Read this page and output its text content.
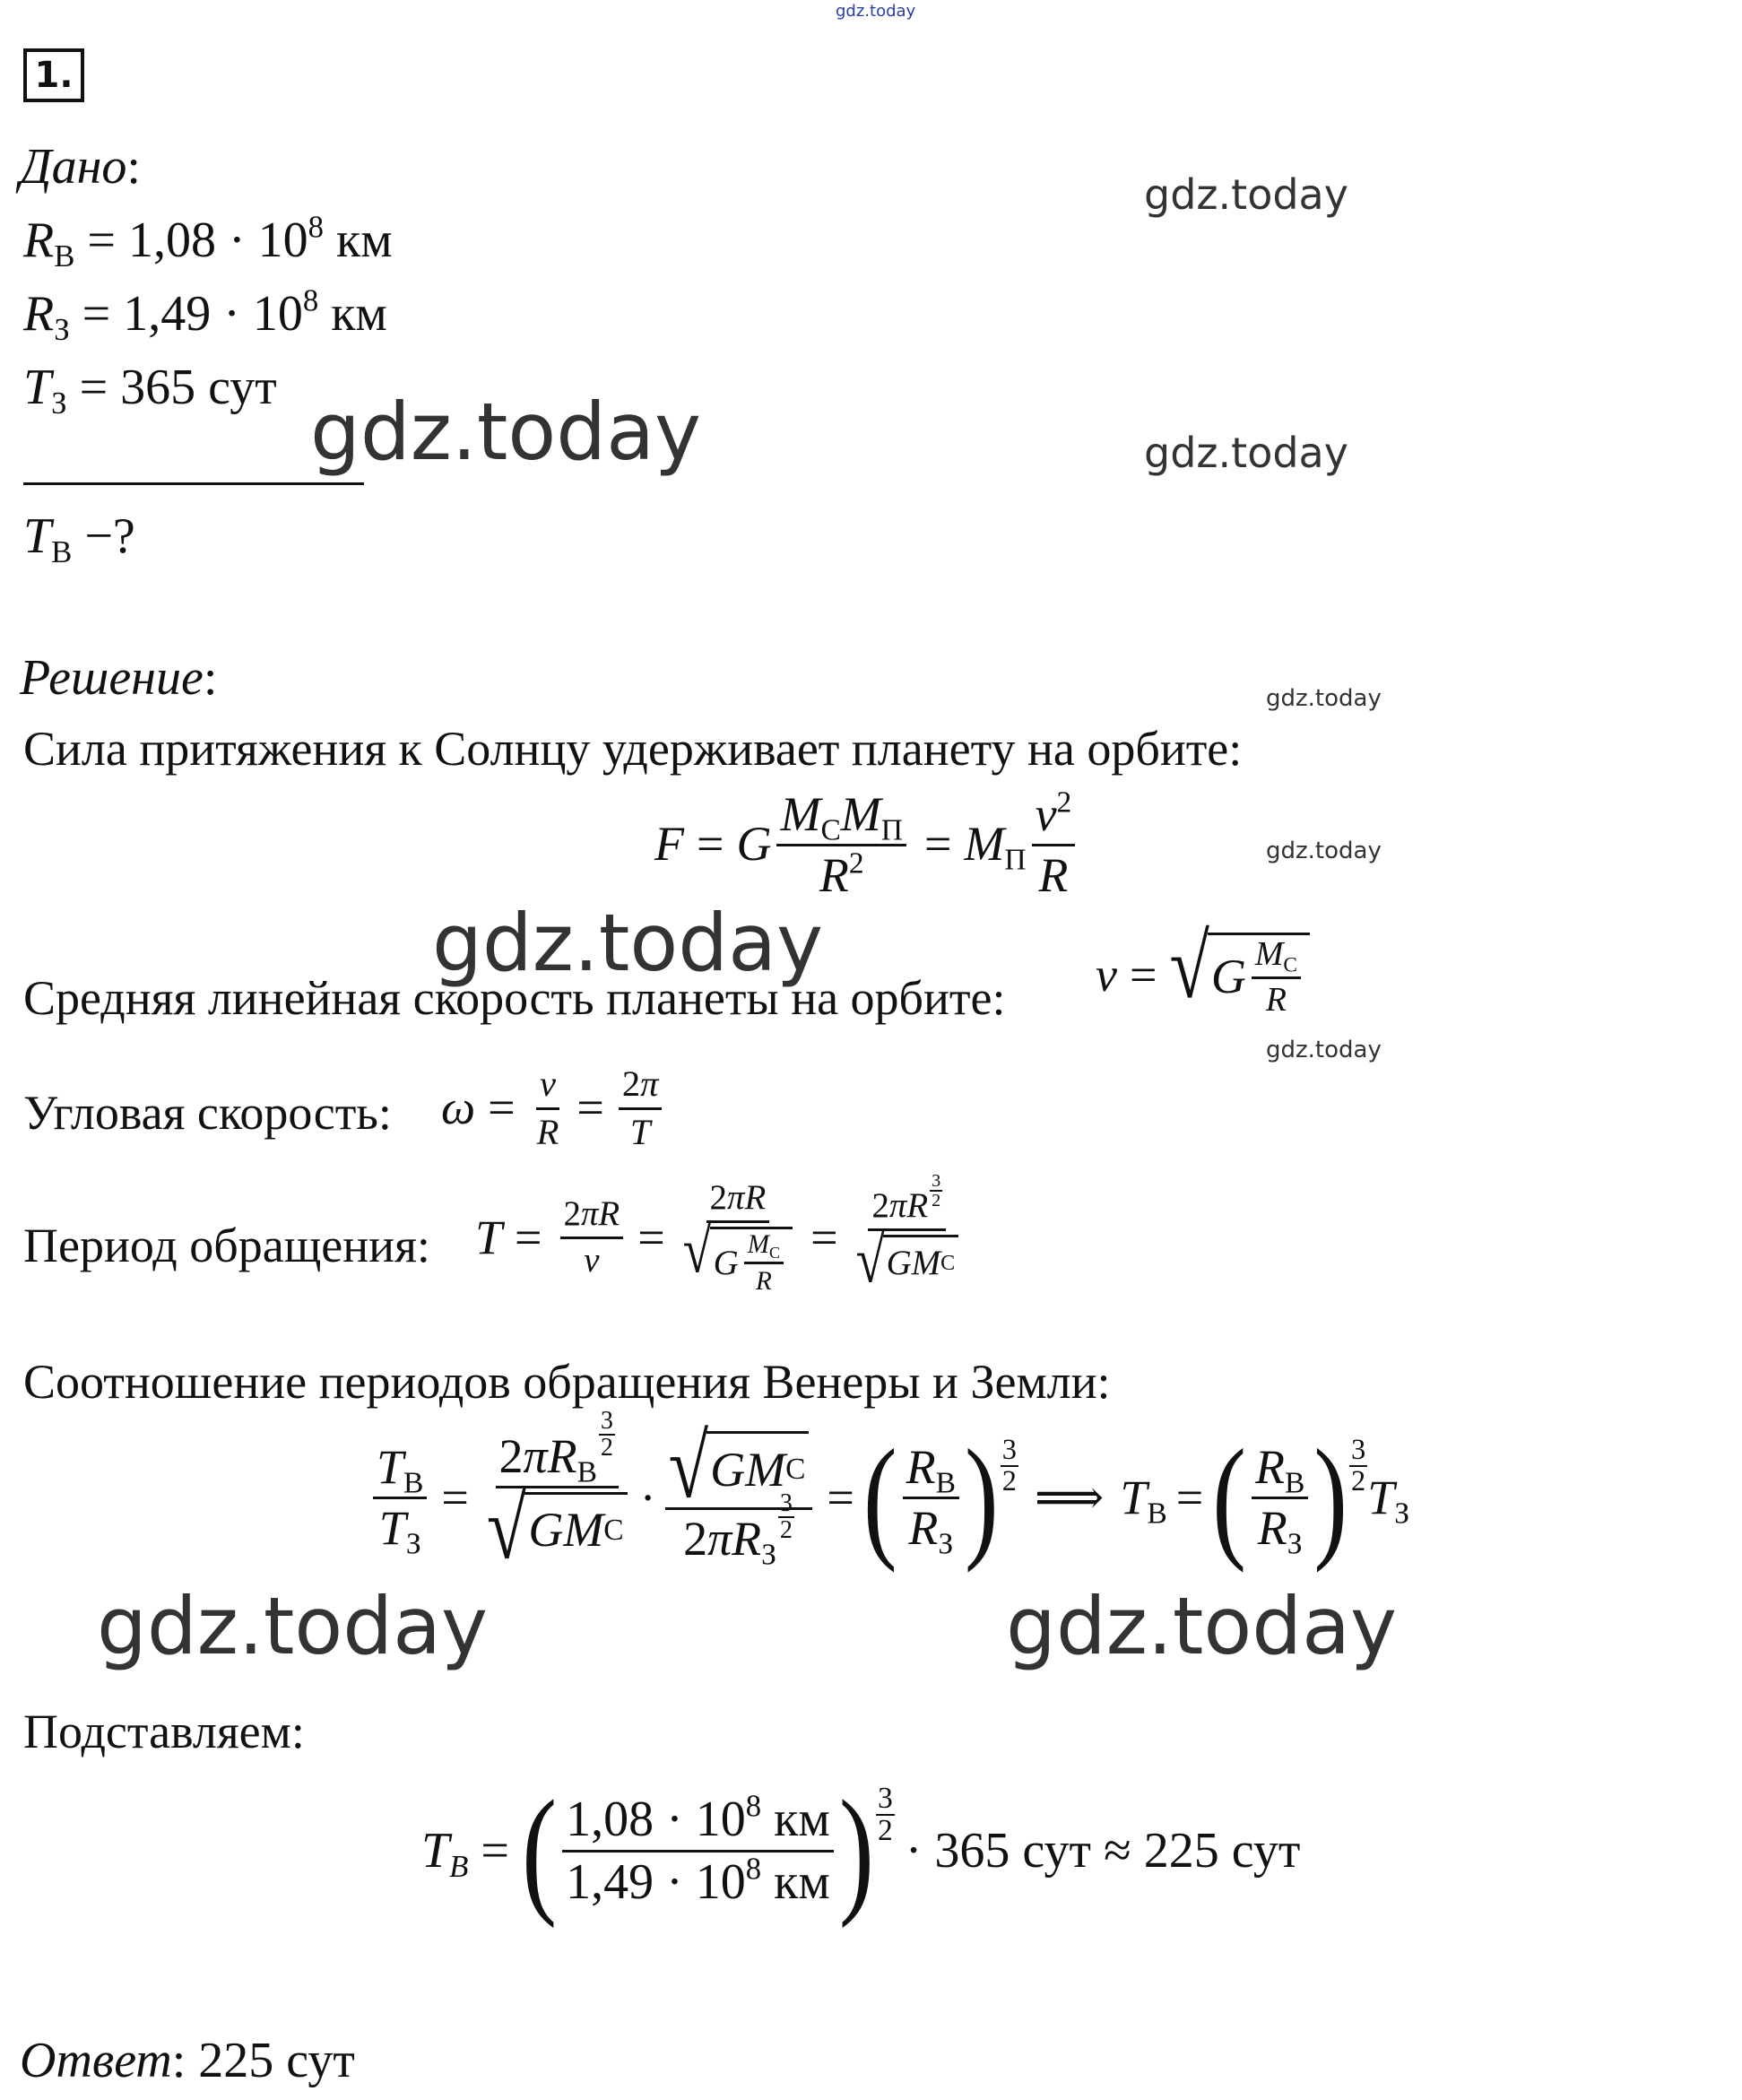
gdz.today
1.
Дано:
$R_В = 1,08 \cdot 10^8$ км
$R_З = 1,49 \cdot 10^8$ км
$T_З = 365$ сут
$T_В$ −?
Решение:
Сила притяжения к Солнцу удерживает планету на орбите:
F = G $\frac{M_СM_П}{R^2} = M_П \frac{v^2}{R}$
Средняя линейная скорость планеты на орбите: v = √ G $\frac{M_С}{R}$
Угловая скорость: $\omega = \frac{v}{R} = \frac{2\pi}{T}$
Период обращения: $T = \frac{2\pi R}{v} = \frac{2\pi R}{√ G \frac{M_С}{R}} = \frac{2\pi R \frac{3}{2}}{\text{√ GM С}}$
Соотношение периодов обращения Венеры и Земли:
$\frac{T_В}{T_З} = 2\pi R_В$
$\frac{3}{2}$
√ GM С · √ GM С
$2\pi R_З$
$\frac{3}{2}$ = ( $\frac{R_В}{R_З}$ ) 3
2 ⟹ $T_В$ = ( $\frac{R_В}{R_З}$ ) 3
2 $T_З$
Подставляем:
$T_В$ = ( $\frac{1,08 \cdot 10^8 км}{1,49 \cdot 10^8 км}$ ) 3
2 · 365 сут ≈ 225 сут
Ответ: 225 сут
gdz.today
gdz.today
gdz.today
gdz.today
gdz.today
gdz.today
gdz.today
gdz.today	gdz.today
